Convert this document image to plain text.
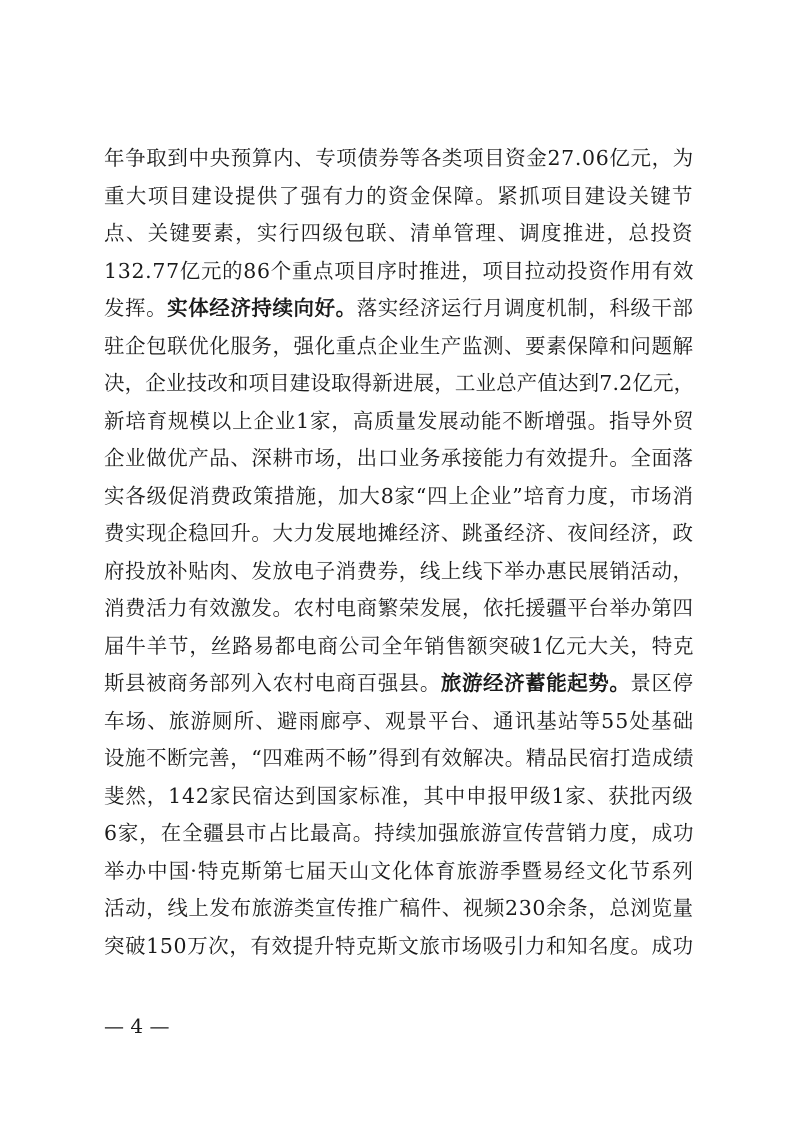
年争取到中央预算内、专项债券等各类项目资金27.06亿元，为
重大项目建设提供了强有力的资金保障。紧抓项目建设关键节
点、关键要素，实行四级包联、清单管理、调度推进，总投资
132.77亿元的86个重点项目序时推进，项目拉动投资作用有效
发挥。实体经济持续向好。落实经济运行月调度机制，科级干部
驻企包联优化服务，强化重点企业生产监测、要素保障和问题解
决，企业技改和项目建设取得新进展，工业总产值达到7.2亿元，
新培育规模以上企业1家，高质量发展动能不断增强。指导外贸
企业做优产品、深耕市场，出口业务承接能力有效提升。全面落
实各级促消费政策措施，加大8家“四上企业”培育力度，市场消
费实现企稳回升。大力发展地摊经济、跳蚤经济、夜间经济，政
府投放补贴肉、发放电子消费券，线上线下举办惠民展销活动，
消费活力有效激发。农村电商繁荣发展，依托援疆平台举办第四
届牛羊节，丝路易都电商公司全年销售额突破1亿元大关，特克
斯县被商务部列入农村电商百强县。旅游经济蓄能起势。景区停
车场、旅游厕所、避雨廊亭、观景平台、通讯基站等55处基础
设施不断完善，“四难两不畅”得到有效解决。精品民宿打造成绩
斐然，142家民宿达到国家标准，其中申报甲级1家、获批丙级
6家，在全疆县市占比最高。持续加强旅游宣传营销力度，成功
举办中国·特克斯第七届天山文化体育旅游季暨易经文化节系列
活动，线上发布旅游类宣传推广稿件、视频230余条，总浏览量
突破150万次，有效提升特克斯文旅市场吸引力和知名度。成功
— 4 —
